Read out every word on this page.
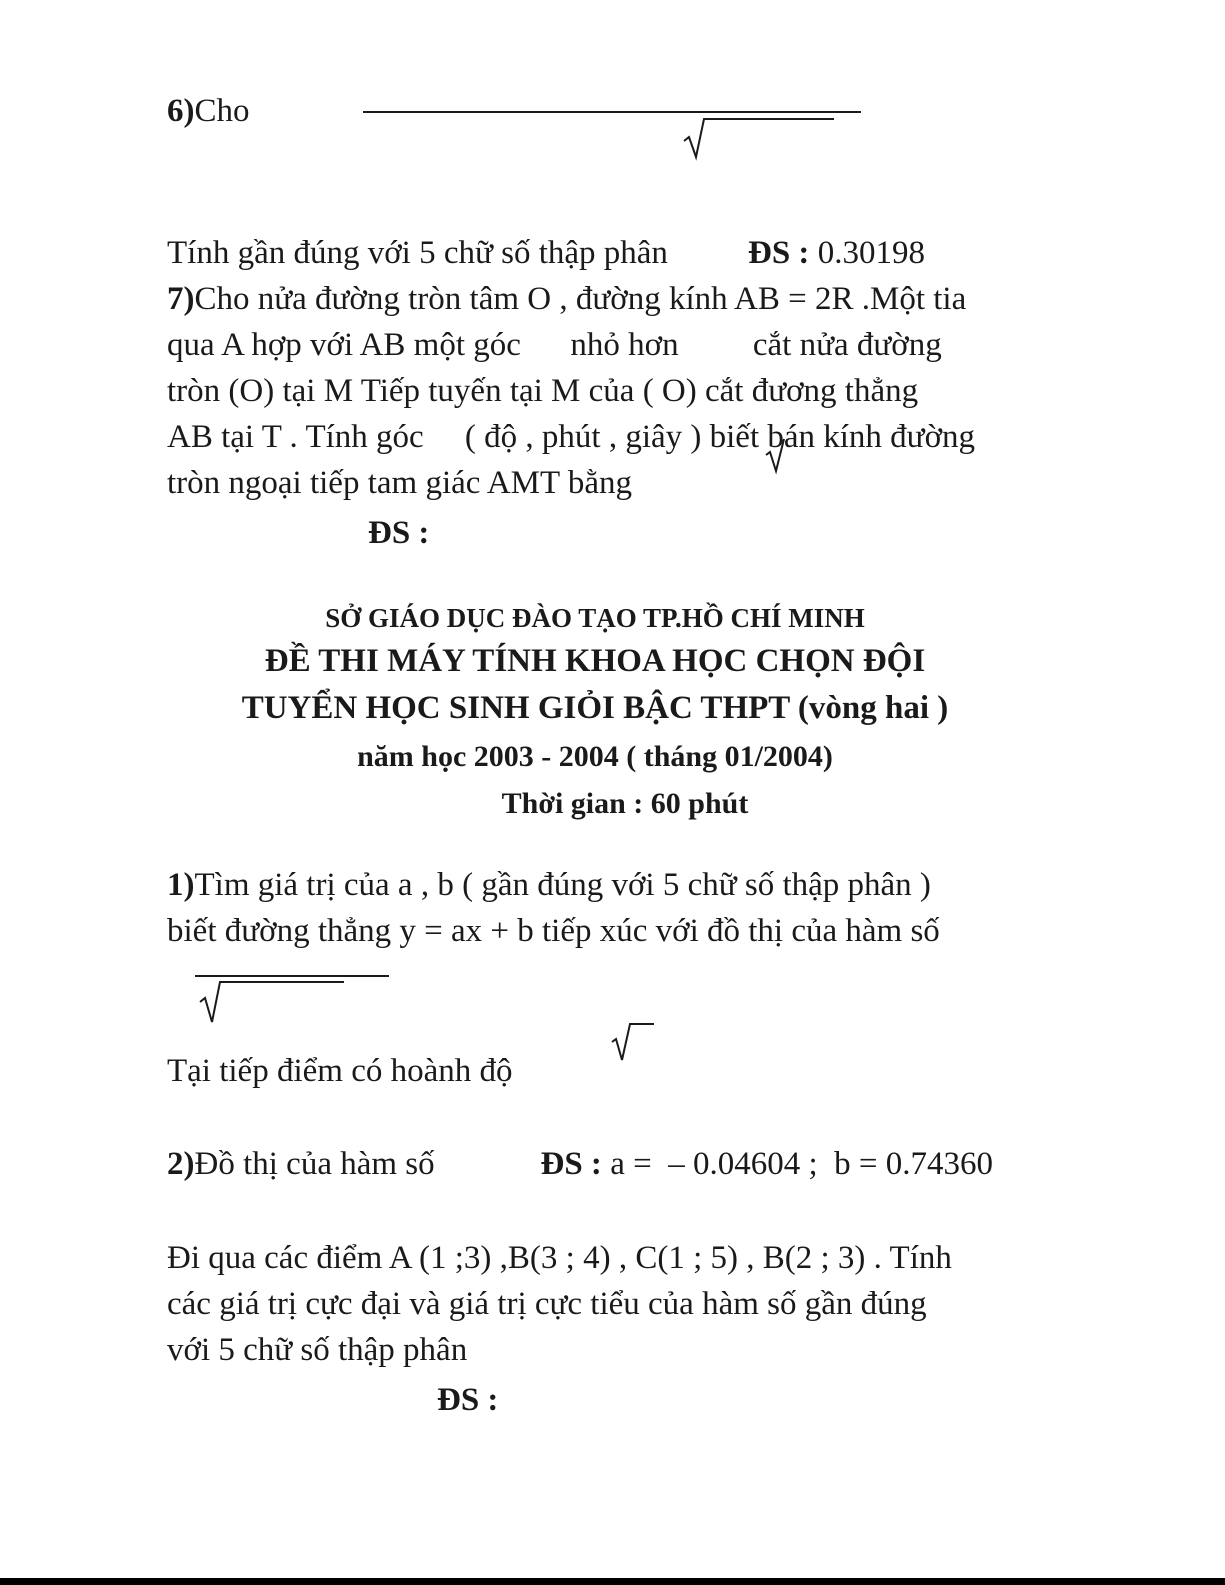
6)Cho
Tính gần đúng với 5 chữ số thập phân ĐS : 0.30198
7)Cho nửa đường tròn tâm O , đường kính AB = 2R .Một tia
qua A hợp với AB một góc      nhỏ hơn         cắt nửa đường
tròn (O) tại M Tiếp tuyến tại M của ( O) cắt đương thẳng
AB tại T . Tính góc     ( độ , phút , giây ) biết bán kính đường
tròn ngoại tiếp tam giác AMT bằng
ĐS :
SỞ GIÁO DỤC ĐÀO TẠO TP.HỒ CHÍ MINH
ĐỀ THI MÁY TÍNH KHOA HỌC CHỌN ĐỘI
TUYỂN HỌC SINH GIỎI BẬC THPT (vòng hai )
năm học 2003 - 2004 ( tháng 01/2004)
Thời gian : 60 phút
1)Tìm giá trị của a , b ( gần đúng với 5 chữ số thập phân )
biết đường thẳng y = ax + b tiếp xúc với đồ thị của hàm số
Tại tiếp điểm có hoành độ

ĐS : a =  – 0.04604 ;  b = 0.74360

2)Đồ thị của hàm số
Đi qua các điểm A (1 ;3) ,B(3 ; 4) , C(1 ; 5) , B(2 ; 3) . Tính
các giá trị cực đại và giá trị cực tiểu của hàm số gần đúng
với 5 chữ số thập phân
ĐS :
